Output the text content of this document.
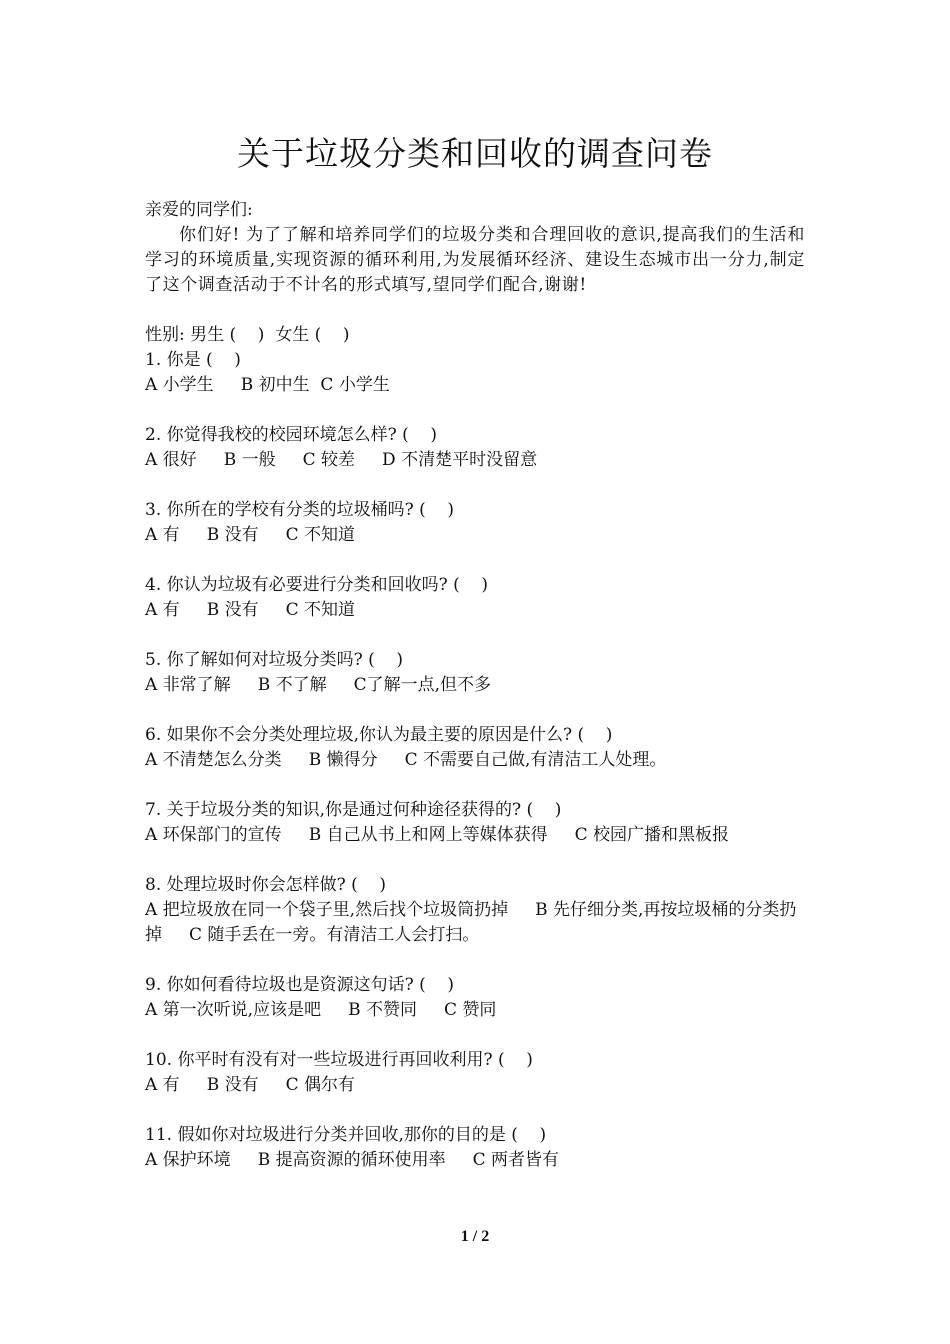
关于垃圾分类和回收的调查问卷
亲爱的同学们:
你们好! 为了了解和培养同学们的垃圾分类和合理回收的意识,提高我们的生活和学习的环境质量,实现资源的循环利用,为发展循环经济、建设生态城市出一分力,制定了这个调查活动于不计名的形式填写,望同学们配合,谢谢!
性别: 男生 (    )  女生 (    )
1. 你是 (    )
A 小学生     B 初中生  C 小学生
2. 你觉得我校的校园环境怎么样? (    )
A 很好     B 一般     C 较差     D 不清楚平时没留意
3. 你所在的学校有分类的垃圾桶吗? (    )
A 有     B 没有     C 不知道
4. 你认为垃圾有必要进行分类和回收吗? (    )
A 有     B 没有     C 不知道
5. 你了解如何对垃圾分类吗? (    )
A 非常了解     B 不了解     C了解一点,但不多
6. 如果你不会分类处理垃圾,你认为最主要的原因是什么? (    )
A 不清楚怎么分类     B 懒得分     C 不需要自己做,有清洁工人处理。
7. 关于垃圾分类的知识,你是通过何种途径获得的? (    )
A 环保部门的宣传     B 自己从书上和网上等媒体获得     C 校园广播和黑板报
8. 处理垃圾时你会怎样做? (    )
A 把垃圾放在同一个袋子里,然后找个垃圾筒扔掉     B 先仔细分类,再按垃圾桶的分类扔掉     C 随手丢在一旁。有清洁工人会打扫。
9. 你如何看待垃圾也是资源这句话? (    )
A 第一次听说,应该是吧     B 不赞同     C 赞同
10. 你平时有没有对一些垃圾进行再回收利用? (    )
A 有     B 没有     C 偶尔有
11. 假如你对垃圾进行分类并回收,那你的目的是 (    )
A 保护环境     B 提高资源的循环使用率     C 两者皆有
1 / 2
